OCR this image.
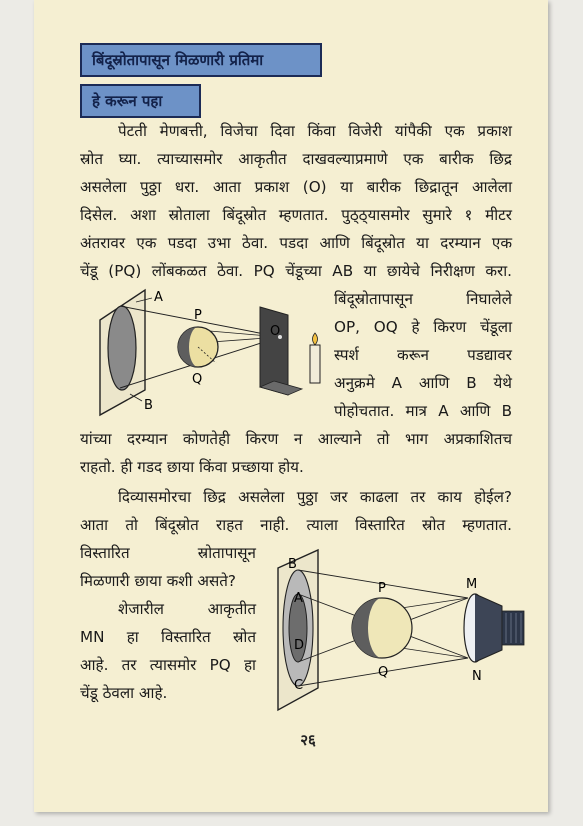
बिंदूस्रोतापासून मिळणारी प्रतिमा
हे करून पहा

पेटती मेणबत्ती, विजेचा दिवा किंवा विजेरी यांपैकी एक प्रकाश

स्रोत घ्या. त्याच्यासमोर आकृतीत दाखवल्याप्रमाणे एक बारीक छिद्र

असलेला पुठ्ठा धरा. आता प्रकाश (O) या बारीक छिद्रातून आलेला

दिसेल. अशा स्रोताला बिंदूस्रोत म्हणतात. पुठ्ठ्यासमोर सुमारे १ मीटर

अंतरावर एक पडदा उभा ठेवा. पडदा आणि बिंदूस्रोत या दरम्यान एक

चेंडू (PQ) लोंबकळत ठेवा. PQ चेंडूच्या AB या छायेचे निरीक्षण करा.

A
B
P
Q
O

बिंदूस्रोतापासून निघालेले

OP, OQ हे किरण चेंडूला

स्पर्श करून पडद्यावर

अनुक्रमे A आणि B येथे

पोहोचतात. मात्र A आणि B

यांच्या दरम्यान कोणतेही किरण न आल्याने तो भाग अप्रकाशितच

राहतो. ही गडद छाया किंवा प्रच्छाया होय.

दिव्यासमोरचा छिद्र असलेला पुठ्ठा जर काढला तर काय होईल?

आता तो बिंदूस्रोत राहत नाही. त्याला विस्तारित स्रोत म्हणतात.

विस्तारित स्रोतापासून

मिळणारी छाया कशी असते?

शेजारील आकृतीत

MN हा विस्तारित स्रोत

आहे. तर त्यासमोर PQ हा

चेंडू ठेवला आहे.

B
A
D
C
P
Q
M
N
२६
